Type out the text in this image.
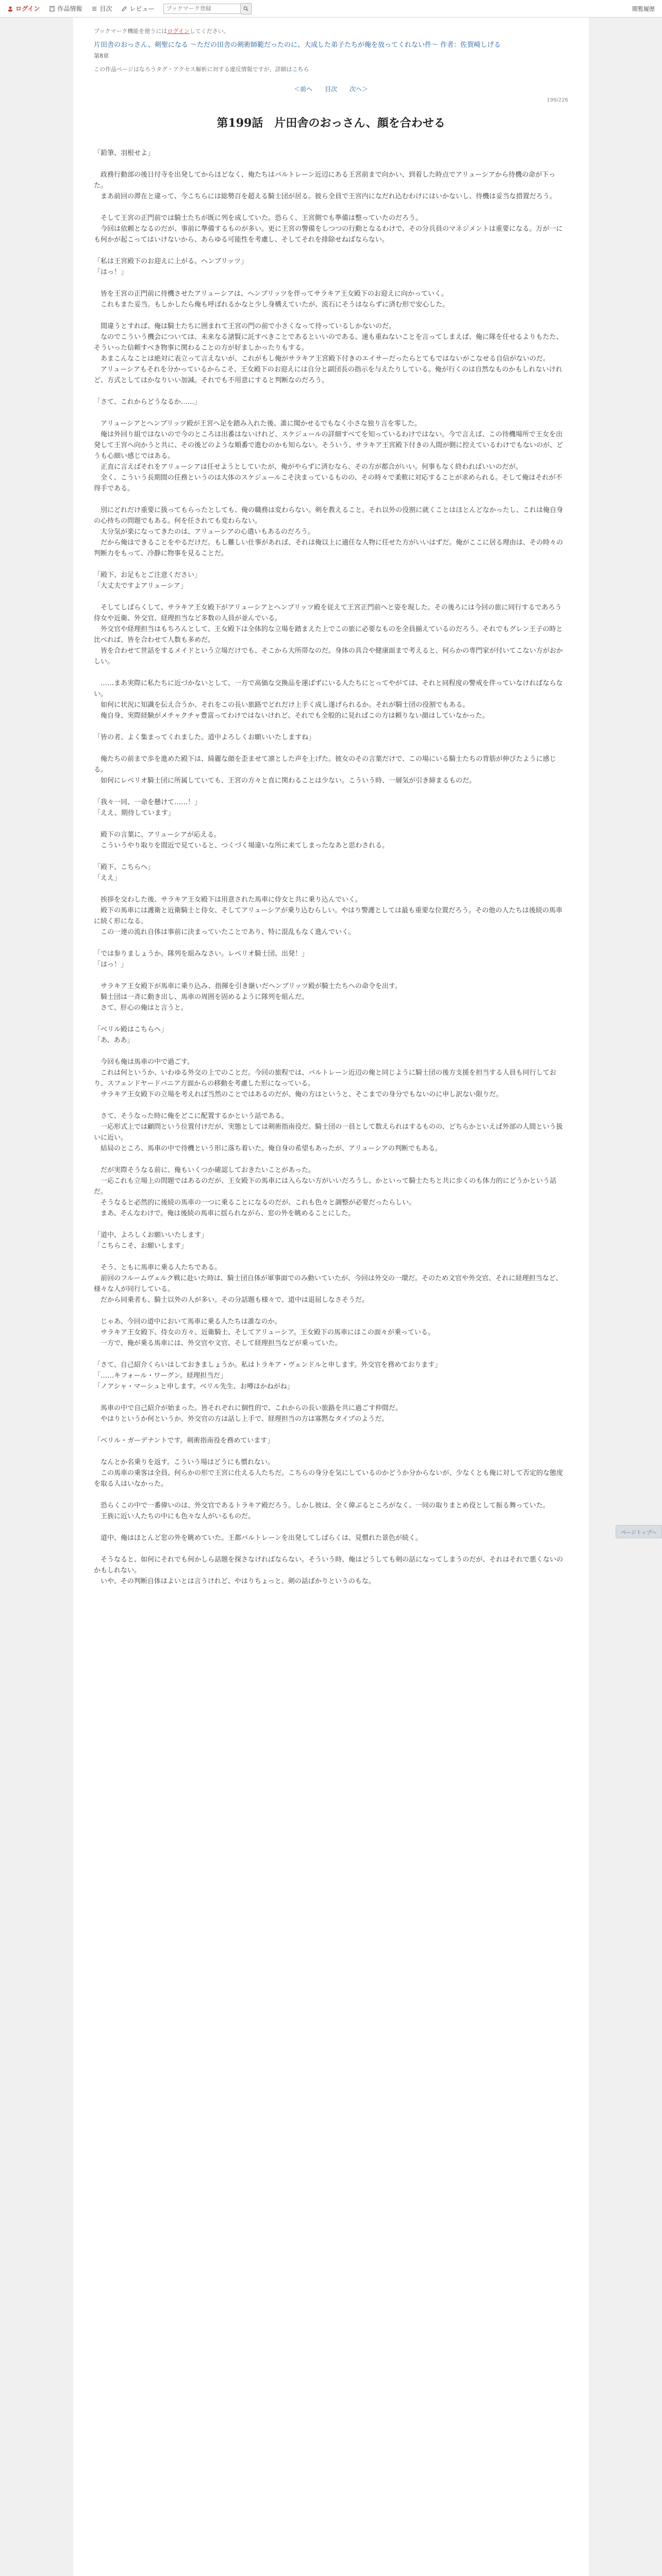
ログイン	作品情報	目次	レビュー
ブックマーク登録	閲覧履歴
ブックマーク機能を使うにはログインしてください。
片田舎のおっさん、剣聖になる ～ただの田舎の剣術師範だったのに、大成した弟子たちが俺を放ってくれない件～ 作者：佐賀崎しげる
第8章
この作品ページはなろうタグ・アクセス解析に対する違反情報ですが、詳細はこちら
＜前へ 目次 次へ＞
199/226
第199話　片田舎のおっさん、顔を合わせる

「鉛筆、羽根せよ」

政務行動部の後日付寺を出発してからほどなく、俺たちはバルトレーン近辺にある王宮前まで向かい、到着した時点でアリューシアから待機の命が下った。

まあ前回の滞在と違って、今こちらには総勢百を超える騎士団が居る。彼ら全員で王宮内になだれ込むわけにはいかないし、待機は妥当な措置だろう。

そして王宮の正門前では騎士たちが既に列を成していた。恐らく、王宮側でも準備は整っていたのだろう。

今回は依頼となるのだが、事前に準備するものが多い。更に王宮の警備をしつつの行動となるわけで、その分兵員のマネジメントは重要になる。万が一にも何かが起こってはいけないから、あらゆる可能性を考慮し、そしてそれを排除せねばならない。

「私は王宮殿下のお迎えに上がる。ヘンブリッツ」

「はっ！」

皆を王宮の正門前に待機させたアリューシアは、ヘンブリッツを伴ってサラキア王女殿下のお迎えに向かっていく。

これもまた妥当。もしかしたら俺も呼ばれるかなと少し身構えていたが、流石にそうはならずに済む形で安心した。

間違うとすれば、俺は騎士たちに囲まれて王宮の門の前で小さくなって待っているしかないのだ。

なのでこういう機会については、未来なる諸賢に託すべきことであるといいのである。速も重ねないことを言ってしまえば、俺に隊を任せるよりもたた、そういった信頼すべき物事に関わることの方が好ましかったりもする。

あまこんなことは絶対に表立って言えないが、これがもし俺がサラキア王宮殿下付きのエイサーだったらとてもではないがこなせる自信がないのだ。

アリューシアもそれを分かっているからこそ、王女殿下のお迎えには自分と副団長の指示を与えたりしている。俺が行くのは自然なものかもしれないけれど、方式としてはかなりいい加減。それでも不用意にすると判断なのだろう。

「さて、これからどうなるか……」

アリューシアとヘンブリッツ殿が王宮へ足を踏み入れた後、誰に聞かせるでもなく小さな独り言を零した。

俺は外回り組ではないので今のところは出番はないけれど、スケジュールの詳細すべてを知っているわけではない。今で言えば、この待機場所で王女を出発して王宮へ向かうと共に、その後どのような順番で進むのかも知らない。そういう、サラキア王宮殿下付きの人間が側に控えているわけでもないのが、どうも心細い感じではある。

正直に言えばそれをアリューシアは任せようとしていたが、俺がやらずに済むなら、その方が都合がいい。何事もなく終わればいいのだが。

全く、こういう長期間の任務というのは大体のスケジュールこそ決まっているものの、その時々で柔軟に対応することが求められる。そして俺はそれが不得手である。

別にどれだけ重要に扱ってもらったとしても、俺の職務は変わらない。剣を教えること。それ以外の役割に就くことはほとんどなかったし、これは俺自身の心持ちの問題でもある。何を任されても変わらない。

大分気が楽になってきたのは、アリューシアの心遣いもあるのだろう。

だから俺はできることをやるだけだ。もし難しい仕事があれば、それは俺以上に適任な人物に任せた方がいいはずだ。俺がここに居る理由は、その時々の判断力をもって、冷静に物事を見ることだ。

「殿下、お足もとご注意ください」

「大丈夫ですよアリューシア」

そしてしばらくして、サラキア王女殿下がアリューシアとヘンブリッツ殿を従えて王宮正門前へと姿を現した。その後ろには今回の旅に同行するであろう侍女や近衛、外交官、経理担当など多数の人員が並んでいる。

外交官や経理担当はもちろんとして、王女殿下は全体的な立場を踏まえた上でこの旅に必要なものを全員揃えているのだろう。それでもグレン王子の時と比べれば、皆を合わせて人数も多めだ。

皆を合わせて世話をするメイドという立場だけでも、そこから大所帯なのだ。身体の具合や健康面まで考えると、何らかの専門家が付いてこない方がおかしい。

……まあ実際に私たちに近づかないとして、一方で高価な交換品を運ばずにいる人たちにとってやがては、それと同程度の警戒を伴っていなければならない。

如何に状況に知識を伝え合うか、それをこの長い旅路でどれだけ上手く成し遂げられるか。それが騎士団の役割でもある。

俺自身、実際経験がメチャクチャ豊富ってわけではないけれど、それでも全般的に見ればこの方は頼りない顔はしていなかった。

「皆の者、よく集まってくれました。道中よろしくお願いいたしますね」

俺たちの前まで歩を進めた殿下は、綺麗な顔を歪ませて凛とした声を上げた。彼女のその言葉だけで、この場にいる騎士たちの背筋が伸びたように感じる。

如何にレベリオ騎士団に所属していても、王宮の方々と直に関わることは少ない。こういう時、一層気が引き締まるものだ。

「我々一同、一命を懸けて……！」

「ええ、期待しています」

殿下の言葉に、アリューシアが応える。

こういうやり取りを間近で見ていると、つくづく場違いな所に来てしまったなあと思わされる。

「殿下、こちらへ」

「ええ」

挨拶を交わした後、サラキア王女殿下は用意された馬車に侍女と共に乗り込んでいく。

殿下の馬車には護衛と近衛騎士と侍女、そしてアリューシアが乗り込むらしい。やはり警護としては最も重要な位置だろう。その他の人たちは後続の馬車に続く形になる。

この一連の流れ自体は事前に決まっていたことであり、特に混乱もなく進んでいく。

「では参りましょうか。隊列を組みなさい。レベリオ騎士団、出発！」

「はっ！」

サラキア王女殿下が馬車に乗り込み、指揮を引き継いだヘンブリッツ殿が騎士たちへの命令を出す。

騎士団は一斉に動き出し、馬車の周囲を固めるように隊列を組んだ。

さて、肝心の俺はと言うと。

「ベリル殿はこちらへ」

「あ、ああ」

今回も俺は馬車の中で過ごす。

これは何というか、いわゆる外交の上でのことだ。今回の旅程では、バルトレーン近辺の俺と同じように騎士団の後方支援を担当する人員も同行しており、スフェンドヤードバニア方面からの移動を考慮した形になっている。

サラキア王女殿下の立場を考えれば当然のことではあるのだが、俺の方はというと、そこまでの身分でもないのに申し訳ない限りだ。

さて、そうなった時に俺をどこに配置するかという話である。

一応形式上では顧問という位置付けだが、実態としては剣術指南役だ。騎士団の一員として数えられはするものの、どちらかといえば外部の人間という扱いに近い。

結局のところ、馬車の中で待機という形に落ち着いた。俺自身の希望もあったが、アリューシアの判断でもある。

だが実際そうなる前に、俺もいくつか確認しておきたいことがあった。

一応これも立場上の問題ではあるのだが、王女殿下の馬車には入らない方がいいだろうし、かといって騎士たちと共に歩くのも体力的にどうかという話だ。

そうなると必然的に後続の馬車の一つに乗ることになるのだが、これも色々と調整が必要だったらしい。

まあ、そんなわけで。俺は後続の馬車に揺られながら、窓の外を眺めることにした。

「道中、よろしくお願いいたします」

「こちらこそ、お願いします」

そう、ともに馬車に乗る人たちである。

前回のフルームヴェルク戦に赴いた時は、騎士団自体が軍事面でのみ動いていたが、今回は外交の一環だ。そのため文官や外交官、それに経理担当など、様々な人が同行している。

だから同乗者も、騎士以外の人が多い。その分話題も様々で、道中は退屈しなさそうだ。

じゃあ、今回の道中において馬車に乗る人たちは誰なのか。

サラキア王女殿下、侍女の方々、近衛騎士、そしてアリューシア。王女殿下の馬車にはこの面々が乗っている。

一方で、俺が乗る馬車には、外交官や文官、そして経理担当などが乗っていた。

「さて、自己紹介くらいはしておきましょうか。私はトラキア・ヴェンドルと申します。外交官を務めております」

「……キフォール・ワーグン。経理担当だ」

「ノアシャ・マーシュと申します。ベリル先生、お噂はかねがね」

馬車の中で自己紹介が始まった。皆それぞれに個性的で、これからの長い旅路を共に過ごす仲間だ。

やはりというか何というか、外交官の方は話し上手で、経理担当の方は寡黙なタイプのようだ。

「ベリル・ガーデナントです。剣術指南役を務めています」

なんとか名乗りを返す。こういう場はどうにも慣れない。

この馬車の乗客は全員、何らかの形で王宮に仕える人たちだ。こちらの身分を気にしているのかどうか分からないが、少なくとも俺に対して否定的な態度を取る人はいなかった。

恐らくこの中で一番偉いのは、外交官であるトラキア殿だろう。しかし彼は、全く偉ぶるところがなく、一同の取りまとめ役として振る舞っていた。

王族に近い人たちの中にも色々な人がいるものだ。

道中、俺はほとんど窓の外を眺めていた。王都バルトレーンを出発してしばらくは、見慣れた景色が続く。

そうなると、如何にそれでも何かしら話題を探さなければならない。そういう時、俺はどうしても剣の話になってしまうのだが、それはそれで悪くないのかもしれない。

いや、その判断自体はよいとは言うけれど、やはりちょっと、剣の話ばかりというのもな。

ページトップへ
